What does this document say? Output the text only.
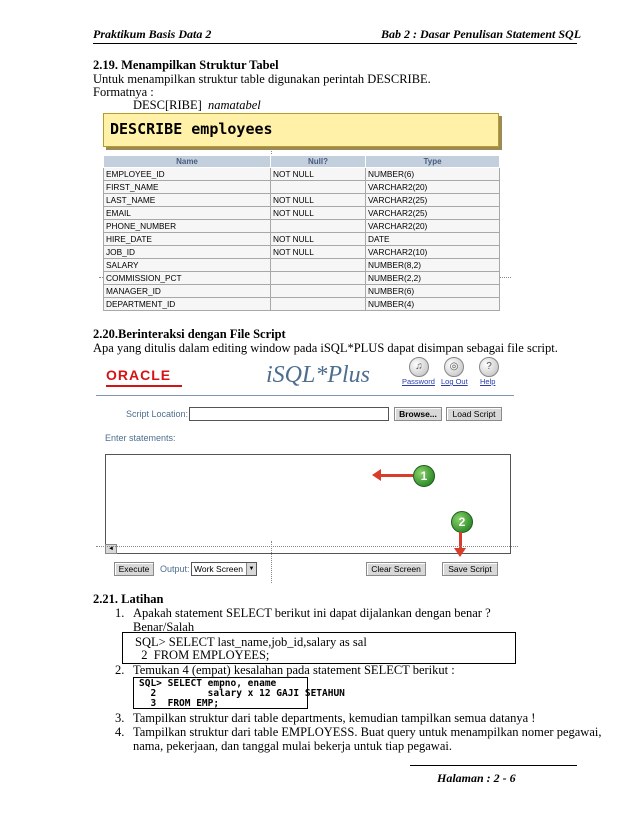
Praktikum Basis Data 2	Bab 2 : Dasar Penulisan Statement SQL
2.19. Menampilkan Struktur Tabel
Untuk menampilkan struktur table digunakan perintah DESCRIBE.
Formatnya :
DESC[RIBE] namatabel
DESCRIBE employees
Name	Null?	Type
EMPLOYEE_ID	NOT NULL	NUMBER(6)
FIRST_NAME		VARCHAR2(20)
LAST_NAME	NOT NULL	VARCHAR2(25)
EMAIL	NOT NULL	VARCHAR2(25)
PHONE_NUMBER		VARCHAR2(20)
HIRE_DATE	NOT NULL	DATE
JOB_ID	NOT NULL	VARCHAR2(10)
SALARY		NUMBER(8,2)
COMMISSION_PCT		NUMBER(2,2)
MANAGER_ID		NUMBER(6)
DEPARTMENT_ID		NUMBER(4)
2.20.Berinteraksi dengan File Script
Apa yang ditulis dalam editing window pada iSQL*PLUS dapat disimpan sebagai file script.
ORACLE	iSQL*Plus	♫
Password
◎
Log Out
?
Help
Script Location:	Browse...	Load Script
Enter statements:
◄
1
2
Execute	Output: Work Screen ▼	Clear Screen	Save Script
2.21. Latihan
1. Apakah statement SELECT berikut ini dapat dijalankan dengan benar ?
Benar/Salah
SQL> SELECT last_name,job_id,salary as sal
2  FROM EMPLOYEES;
2. Temukan 4 (empat) kesalahan pada statement SELECT berikut :
SQL> SELECT empno, ename
2         salary x 12 GAJI SETAHUN
3  FROM EMP;
3. Tampilkan struktur dari table departments, kemudian tampilkan semua datanya !
4. Tampilkan struktur dari table EMPLOYESS. Buat query untuk menampilkan nomer pegawai,
nama, pekerjaan, dan tanggal mulai bekerja untuk tiap pegawai.
Halaman : 2 - 6
